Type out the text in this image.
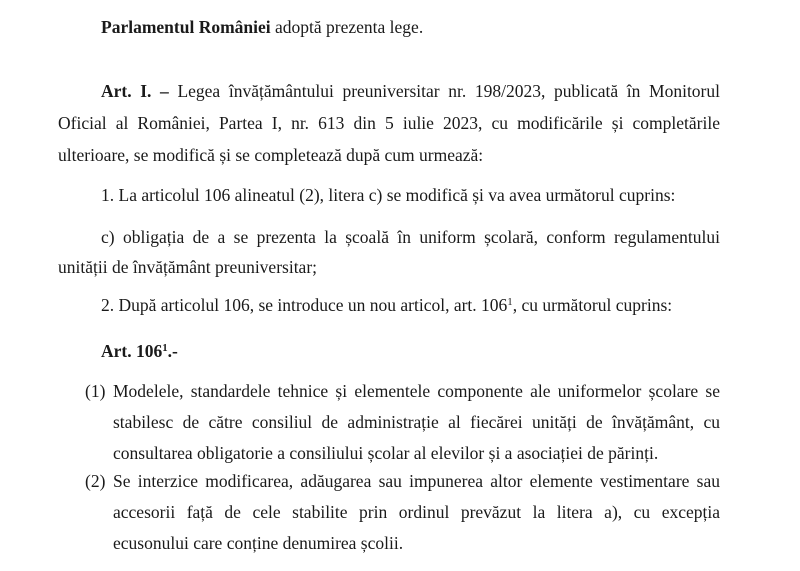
Parlamentul României adoptă prezenta lege.
Art. I. – Legea învățământului preuniversitar nr. 198/2023, publicată în Monitorul
Oficial al României, Partea I, nr. 613 din 5 iulie 2023, cu modificările și completările
ulterioare, se modifică și se completează după cum urmează:
1. La articolul 106 alineatul (2), litera c) se modifică și va avea următorul cuprins:
c) obligația de a se prezenta la școală în uniform școlară, conform regulamentului
unității de învățământ preuniversitar;
2. După articolul 106, se introduce un nou articol, art. $106^1$, cu următorul cuprins:
Art. $106^1.-$
(1) Modelele, standardele tehnice și elementele componente ale uniformelor școlare se
stabilesc de către consiliul de administrație al fiecărei unități de învățământ, cu
consultarea obligatorie a consiliului școlar al elevilor și a asociației de părinți.
(2) Se interzice modificarea, adăugarea sau impunerea altor elemente vestimentare sau
accesorii față de cele stabilite prin ordinul prevăzut la litera a), cu excepția
ecusonului care conține denumirea școlii.
